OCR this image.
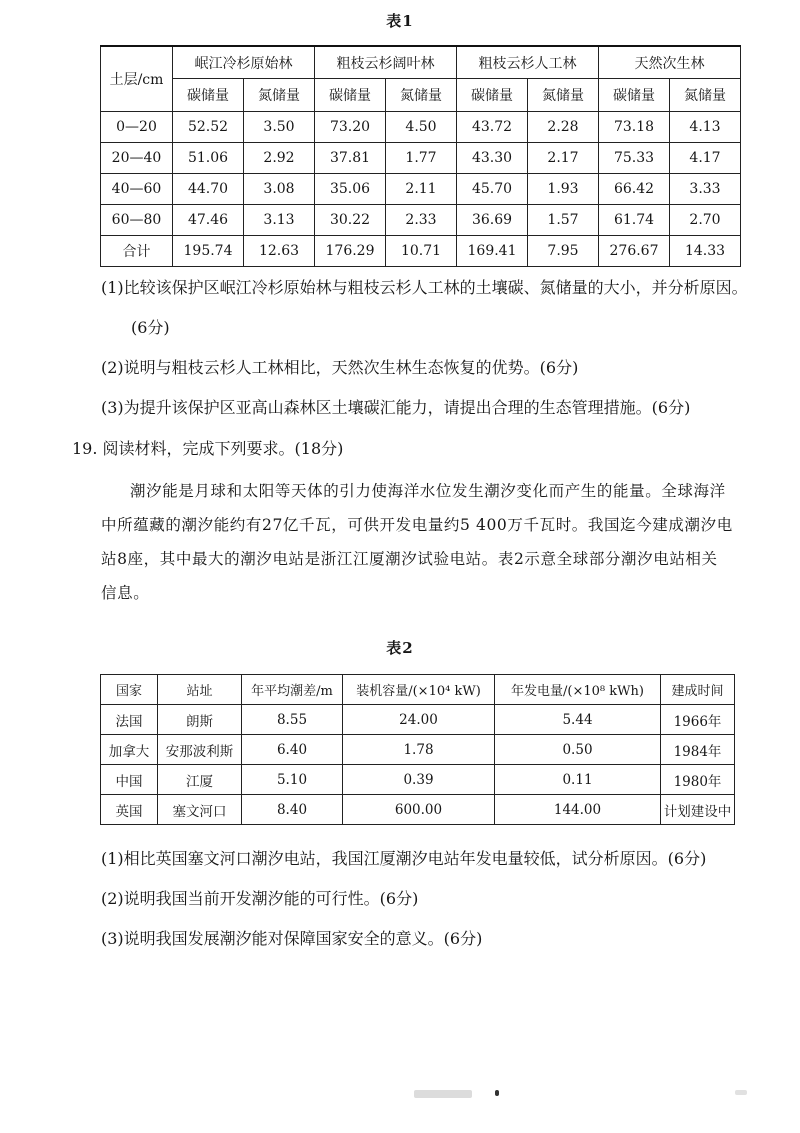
表1
土层/cm	岷江冷杉原始林		粗枝云杉阔叶林		粗枝云杉人工林		天然次生林	
	碳储量	氮储量	碳储量	氮储量	碳储量	氮储量	碳储量	氮储量
0—20	52.52	3.50	73.20	4.50	43.72	2.28	73.18	4.13
20—40	51.06	2.92	37.81	1.77	43.30	2.17	75.33	4.17
40—60	44.70	3.08	35.06	2.11	45.70	1.93	66.42	3.33
60—80	47.46	3.13	30.22	2.33	36.69	1.57	61.74	2.70
合计	195.74	12.63	176.29	10.71	169.41	7.95	276.67	14.33
(1)比较该保护区岷江冷杉原始林与粗枝云杉人工林的土壤碳、氮储量的大小，并分析原因。
(6分)
(2)说明与粗枝云杉人工林相比，天然次生林生态恢复的优势。(6分)
(3)为提升该保护区亚高山森林区土壤碳汇能力，请提出合理的生态管理措施。(6分)
19. 阅读材料，完成下列要求。(18分)
潮汐能是月球和太阳等天体的引力使海洋水位发生潮汐变化而产生的能量。全球海洋
中所蕴藏的潮汐能约有27亿千瓦，可供开发电量约5 400万千瓦时。我国迄今建成潮汐电
站8座，其中最大的潮汐电站是浙江江厦潮汐试验电站。表2示意全球部分潮汐电站相关
信息。
表2
国家	站址	年平均潮差/m	装机容量/(×10⁴ kW)	年发电量/(×10⁸ kWh)	建成时间
法国	朗斯	8.55	24.00	5.44	1966年
加拿大	安那波利斯	6.40	1.78	0.50	1984年
中国	江厦	5.10	0.39	0.11	1980年
英国	塞文河口	8.40	600.00	144.00	计划建设中
(1)相比英国塞文河口潮汐电站，我国江厦潮汐电站年发电量较低，试分析原因。(6分)
(2)说明我国当前开发潮汐能的可行性。(6分)
(3)说明我国发展潮汐能对保障国家安全的意义。(6分)
